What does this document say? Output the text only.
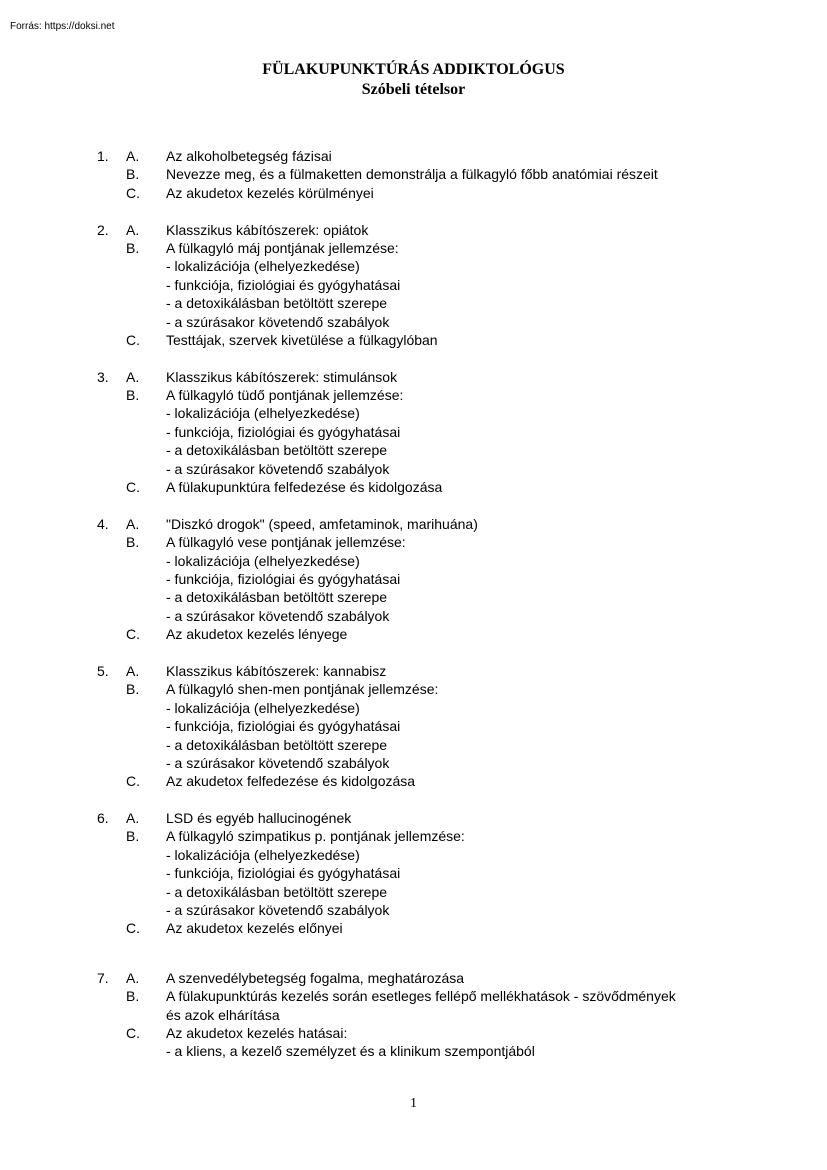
Forrás: https://doksi.net
FÜLAKUPUNKTÚRÁS ADDIKTOLÓGUS
Szóbeli tételsor
1. A. Az alkoholbetegség fázisai
B. Nevezze meg, és a fülmaketten demonstrálja a fülkagyló főbb anatómiai részeit
C. Az akudetox kezelés körülményei
2. A. Klasszikus kábítószerek: opiátok
B. A fülkagyló máj pontjának jellemzése:
- lokalizációja (elhelyezkedése)
- funkciója, fiziológiai és gyógyhatásai
- a detoxikálásban betöltött szerepe
- a szúrásakor követendő szabályok
C. Testtájak, szervek kivetülése a fülkagylóban
3. A. Klasszikus kábítószerek: stimulánsok
B. A fülkagyló tüdő pontjának jellemzése:
- lokalizációja (elhelyezkedése)
- funkciója, fiziológiai és gyógyhatásai
- a detoxikálásban betöltött szerepe
- a szúrásakor követendő szabályok
C. A fülakupunktúra felfedezése és kidolgozása
4. A. "Diszkó drogok" (speed, amfetaminok, marihuána)
B. A fülkagyló vese pontjának jellemzése:
- lokalizációja (elhelyezkedése)
- funkciója, fiziológiai és gyógyhatásai
- a detoxikálásban betöltött szerepe
- a szúrásakor követendő szabályok
C. Az akudetox kezelés lényege
5. A. Klasszikus kábítószerek: kannabisz
B. A fülkagyló shen-men pontjának jellemzése:
- lokalizációja (elhelyezkedése)
- funkciója, fiziológiai és gyógyhatásai
- a detoxikálásban betöltött szerepe
- a szúrásakor követendő szabályok
C. Az akudetox felfedezése és kidolgozása
6. A. LSD és egyéb hallucinogének
B. A fülkagyló szimpatikus p. pontjának jellemzése:
- lokalizációja (elhelyezkedése)
- funkciója, fiziológiai és gyógyhatásai
- a detoxikálásban betöltött szerepe
- a szúrásakor követendő szabályok
C. Az akudetox kezelés előnyei
7. A. A szenvedélybetegség fogalma, meghatározása
B. A fülakupunktúrás kezelés során esetleges fellépő mellékhatások - szövődmények
és azok elhárítása
C. Az akudetox kezelés hatásai:
- a kliens, a kezelő személyzet és a klinikum szempontjából
1
